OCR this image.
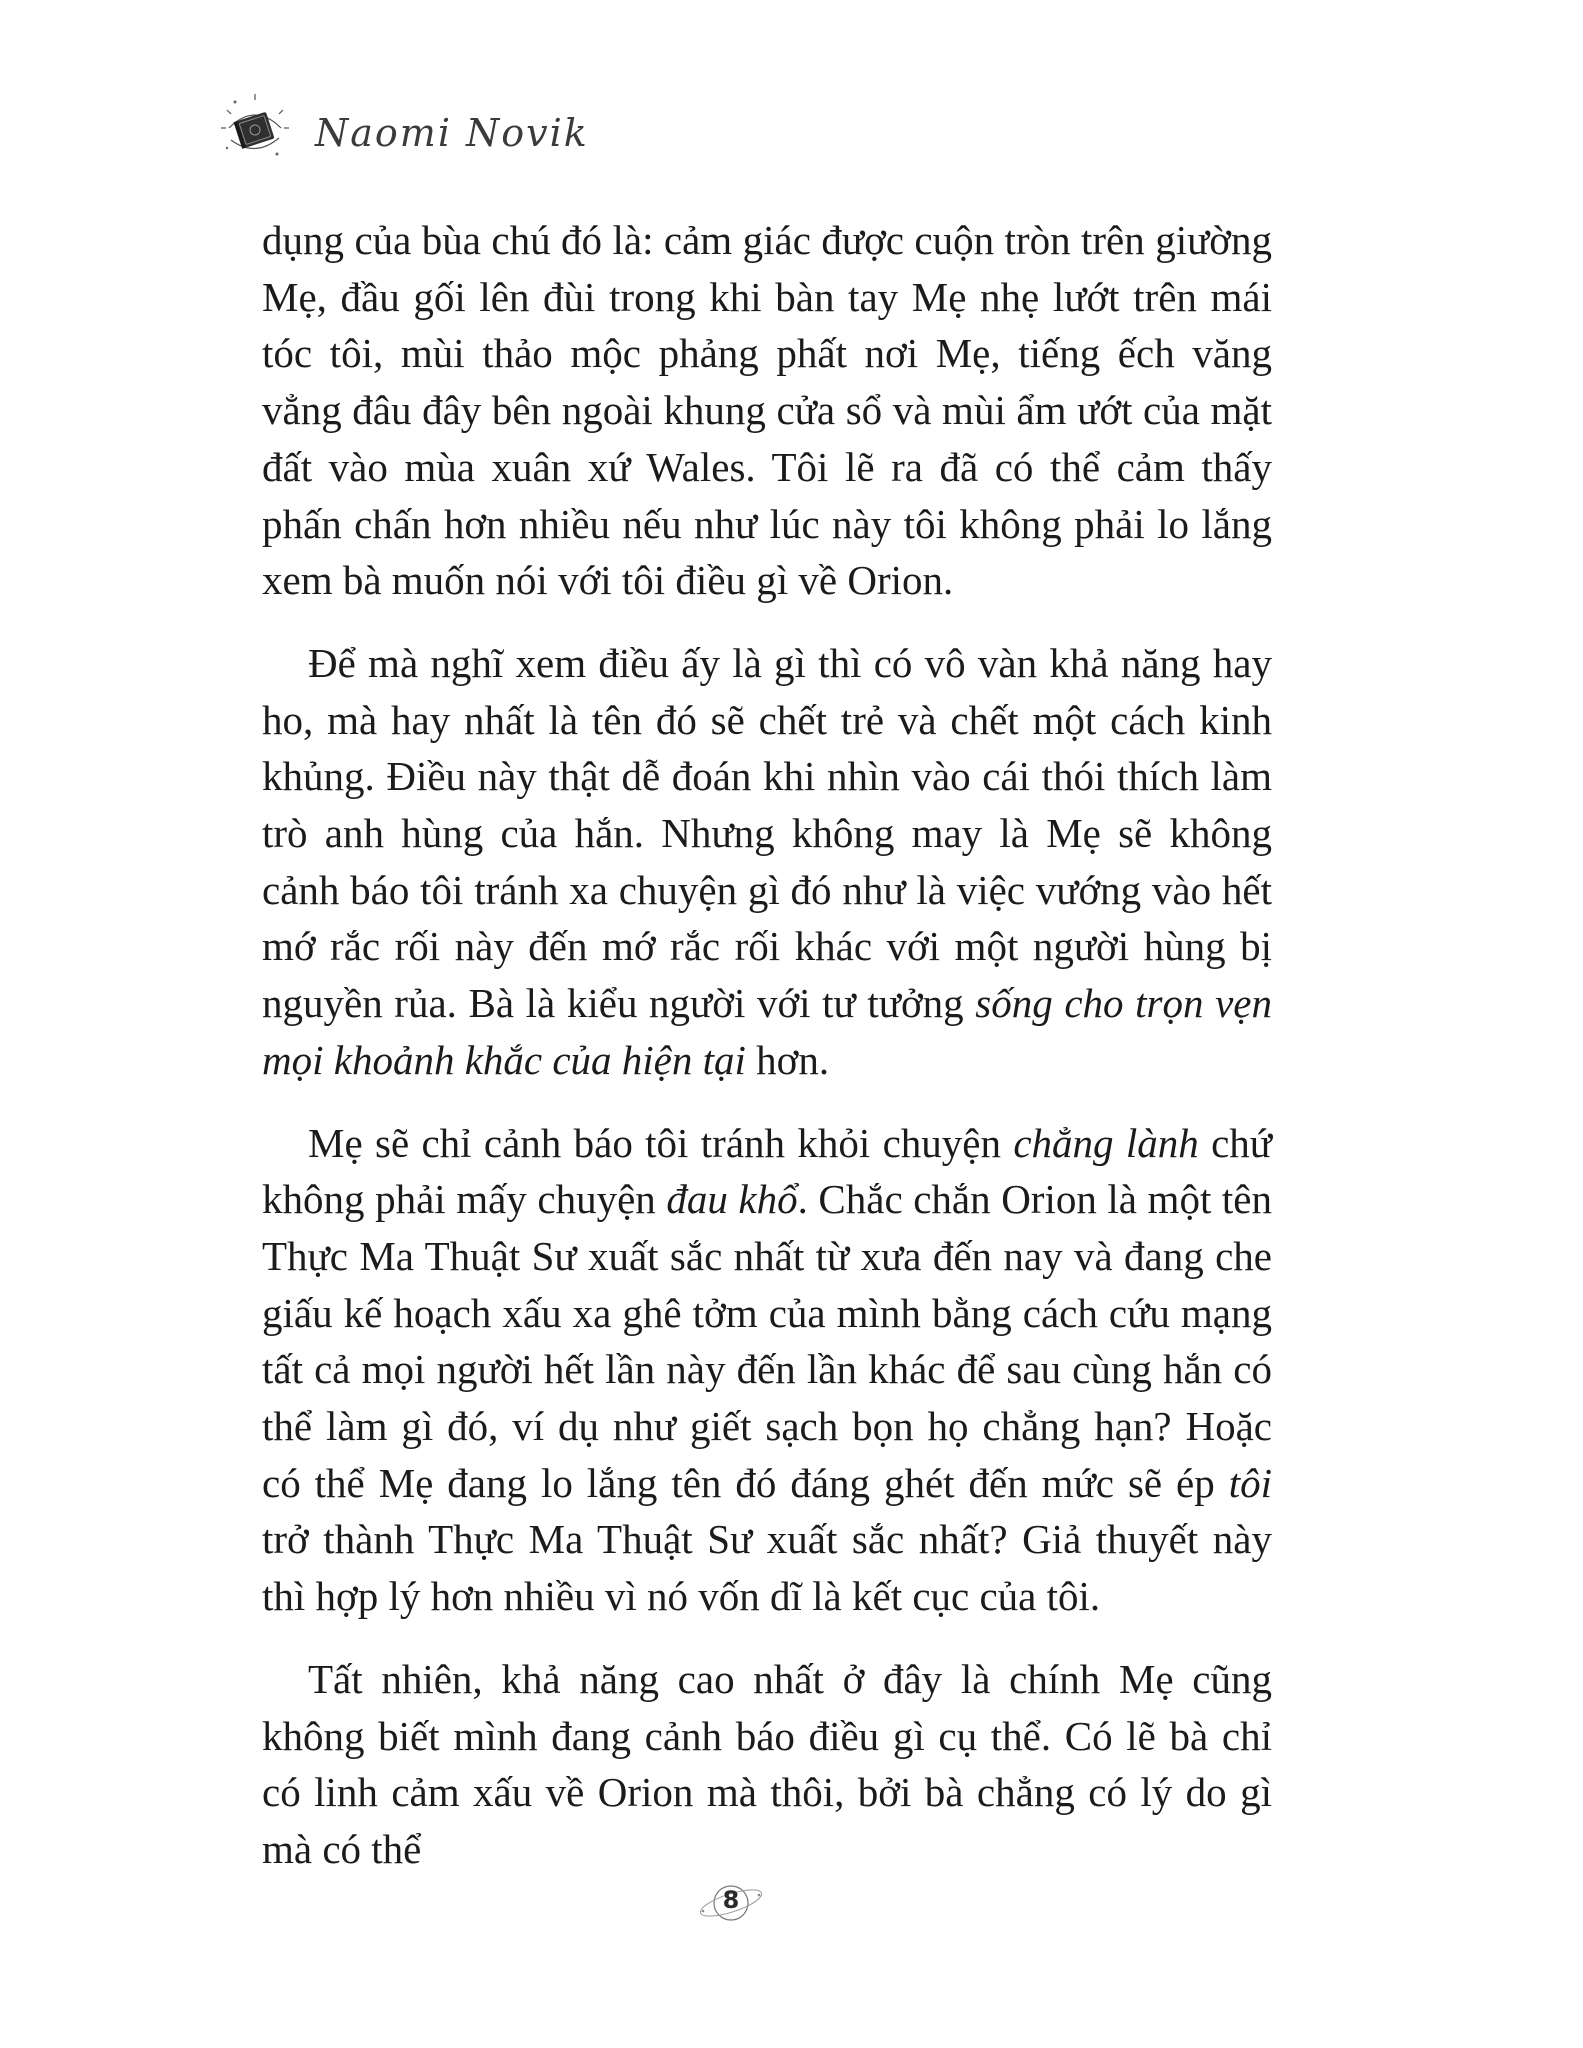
Naomi Novik

dụng của bùa chú đó là: cảm giác được cuộn tròn trên giường Mẹ, đầu gối lên đùi trong khi bàn tay Mẹ nhẹ lướt trên mái tóc tôi, mùi thảo mộc phảng phất nơi Mẹ, tiếng ếch văng vẳng đâu đây bên ngoài khung cửa sổ và mùi ẩm ướt của mặt đất vào mùa xuân xứ Wales. Tôi lẽ ra đã có thể cảm thấy phấn chấn hơn nhiều nếu như lúc này tôi không phải lo lắng xem bà muốn nói với tôi điều gì về Orion.

Để mà nghĩ xem điều ấy là gì thì có vô vàn khả năng hay ho, mà hay nhất là tên đó sẽ chết trẻ và chết một cách kinh khủng. Điều này thật dễ đoán khi nhìn vào cái thói thích làm trò anh hùng của hắn. Nhưng không may là Mẹ sẽ không cảnh báo tôi tránh xa chuyện gì đó như là việc vướng vào hết mớ rắc rối này đến mớ rắc rối khác với một người hùng bị nguyền rủa. Bà là kiểu người với tư tưởng sống cho trọn vẹn mọi khoảnh khắc của hiện tại hơn.

Mẹ sẽ chỉ cảnh báo tôi tránh khỏi chuyện chẳng lành chứ không phải mấy chuyện đau khổ. Chắc chắn Orion là một tên Thực Ma Thuật Sư xuất sắc nhất từ xưa đến nay và đang che giấu kế hoạch xấu xa ghê tởm của mình bằng cách cứu mạng tất cả mọi người hết lần này đến lần khác để sau cùng hắn có thể làm gì đó, ví dụ như giết sạch bọn họ chẳng hạn? Hoặc có thể Mẹ đang lo lắng tên đó đáng ghét đến mức sẽ ép tôi trở thành Thực Ma Thuật Sư xuất sắc nhất? Giả thuyết này thì hợp lý hơn nhiều vì nó vốn dĩ là kết cục của tôi.

Tất nhiên, khả năng cao nhất ở đây là chính Mẹ cũng không biết mình đang cảnh báo điều gì cụ thể. Có lẽ bà chỉ có linh cảm xấu về Orion mà thôi, bởi bà chẳng có lý do gì mà có thể

8
